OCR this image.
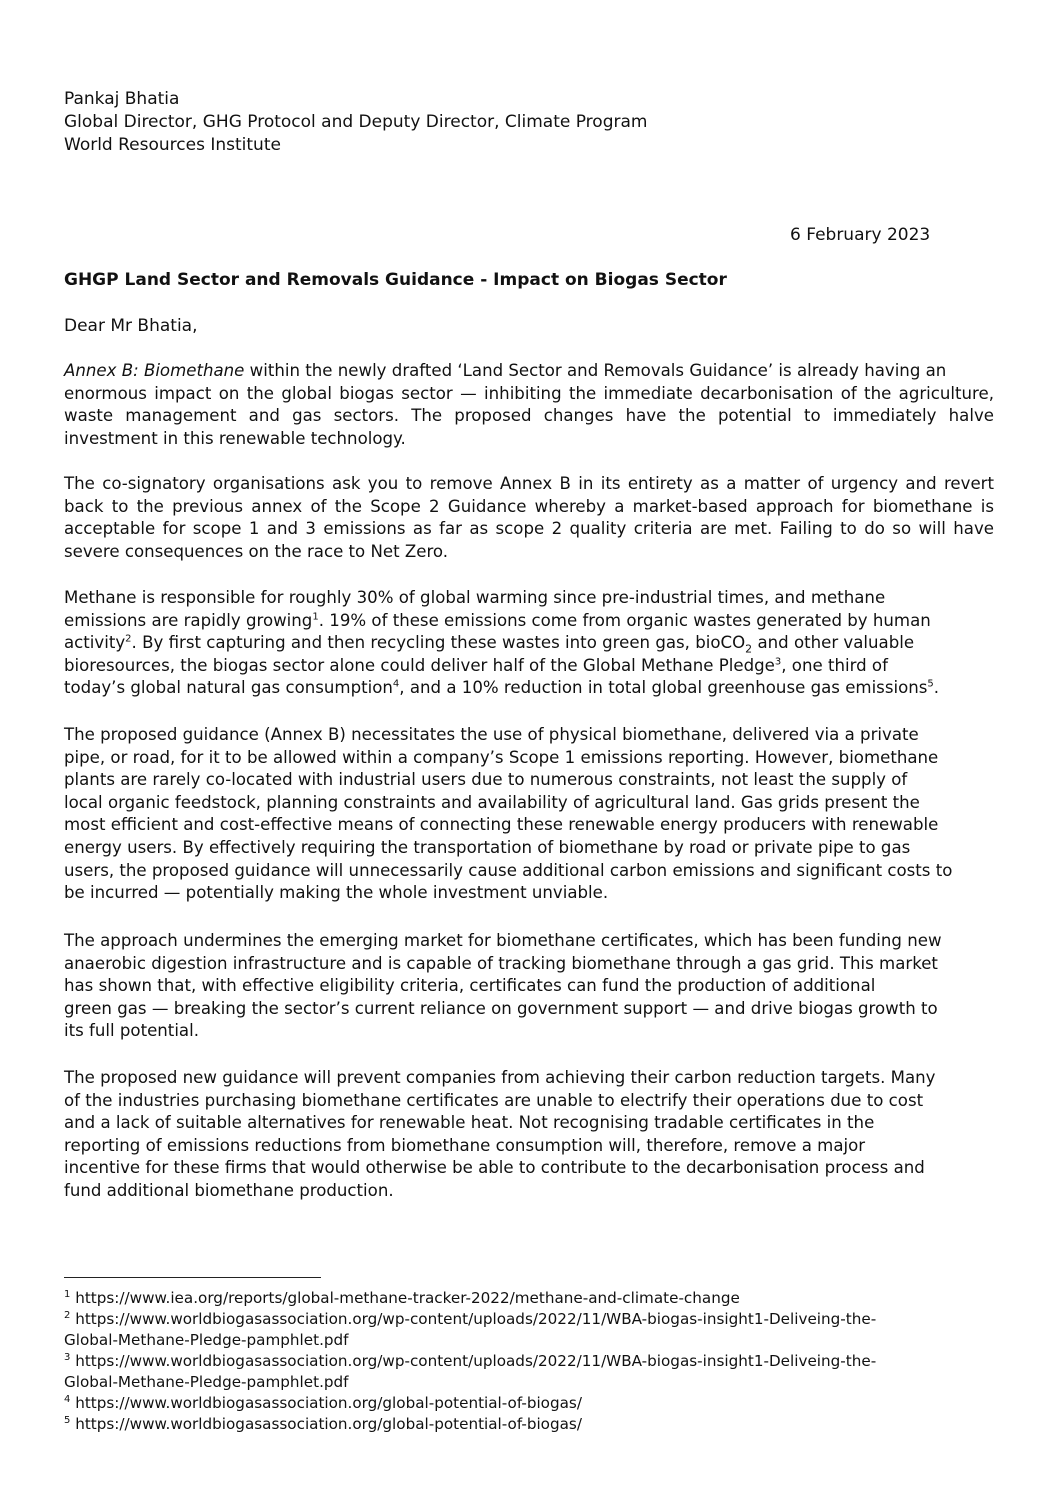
Pankaj Bhatia
Global Director, GHG Protocol and Deputy Director, Climate Program
World Resources Institute
6 February 2023
GHGP Land Sector and Removals Guidance - Impact on Biogas Sector
Dear Mr Bhatia,
Annex B: Biomethane within the newly drafted ‘Land Sector and Removals Guidance’ is already having an
enormous impact on the global biogas sector — inhibiting the immediate decarbonisation of the agriculture,
waste management and gas sectors. The proposed changes have the potential to immediately halve
investment in this renewable technology.
The co-signatory organisations ask you to remove Annex B in its entirety as a matter of urgency and revert
back to the previous annex of the Scope 2 Guidance whereby a market-based approach for biomethane is
acceptable for scope 1 and 3 emissions as far as scope 2 quality criteria are met. Failing to do so will have
severe consequences on the race to Net Zero.
Methane is responsible for roughly 30% of global warming since pre-industrial times, and methane
emissions are rapidly growing$^1$. 19% of these emissions come from organic wastes generated by human
activity$^2$. By first capturing and then recycling these wastes into green gas, bioCO$_2$ and other valuable
bioresources, the biogas sector alone could deliver half of the Global Methane Pledge$^3$, one third of
today’s global natural gas consumption$^4$, and a 10% reduction in total global greenhouse gas emissions$^5$.
The proposed guidance (Annex B) necessitates the use of physical biomethane, delivered via a private
pipe, or road, for it to be allowed within a company’s Scope 1 emissions reporting. However, biomethane
plants are rarely co-located with industrial users due to numerous constraints, not least the supply of
local organic feedstock, planning constraints and availability of agricultural land. Gas grids present the
most efficient and cost-effective means of connecting these renewable energy producers with renewable
energy users. By effectively requiring the transportation of biomethane by road or private pipe to gas
users, the proposed guidance will unnecessarily cause additional carbon emissions and significant costs to
be incurred — potentially making the whole investment unviable.
The approach undermines the emerging market for biomethane certificates, which has been funding new
anaerobic digestion infrastructure and is capable of tracking biomethane through a gas grid. This market
has shown that, with effective eligibility criteria, certificates can fund the production of additional
green gas — breaking the sector’s current reliance on government support — and drive biogas growth to
its full potential.
The proposed new guidance will prevent companies from achieving their carbon reduction targets. Many
of the industries purchasing biomethane certificates are unable to electrify their operations due to cost
and a lack of suitable alternatives for renewable heat. Not recognising tradable certificates in the
reporting of emissions reductions from biomethane consumption will, therefore, remove a major
incentive for these firms that would otherwise be able to contribute to the decarbonisation process and
fund additional biomethane production.
$^1$ https://www.iea.org/reports/global-methane-tracker-2022/methane-and-climate-change
$^2$ https://www.worldbiogasassociation.org/wp-content/uploads/2022/11/WBA-biogas-insight1-Deliveing-the-
Global-Methane-Pledge-pamphlet.pdf
$^3$ https://www.worldbiogasassociation.org/wp-content/uploads/2022/11/WBA-biogas-insight1-Deliveing-the-
Global-Methane-Pledge-pamphlet.pdf
$^4$ https://www.worldbiogasassociation.org/global-potential-of-biogas/
$^5$ https://www.worldbiogasassociation.org/global-potential-of-biogas/
